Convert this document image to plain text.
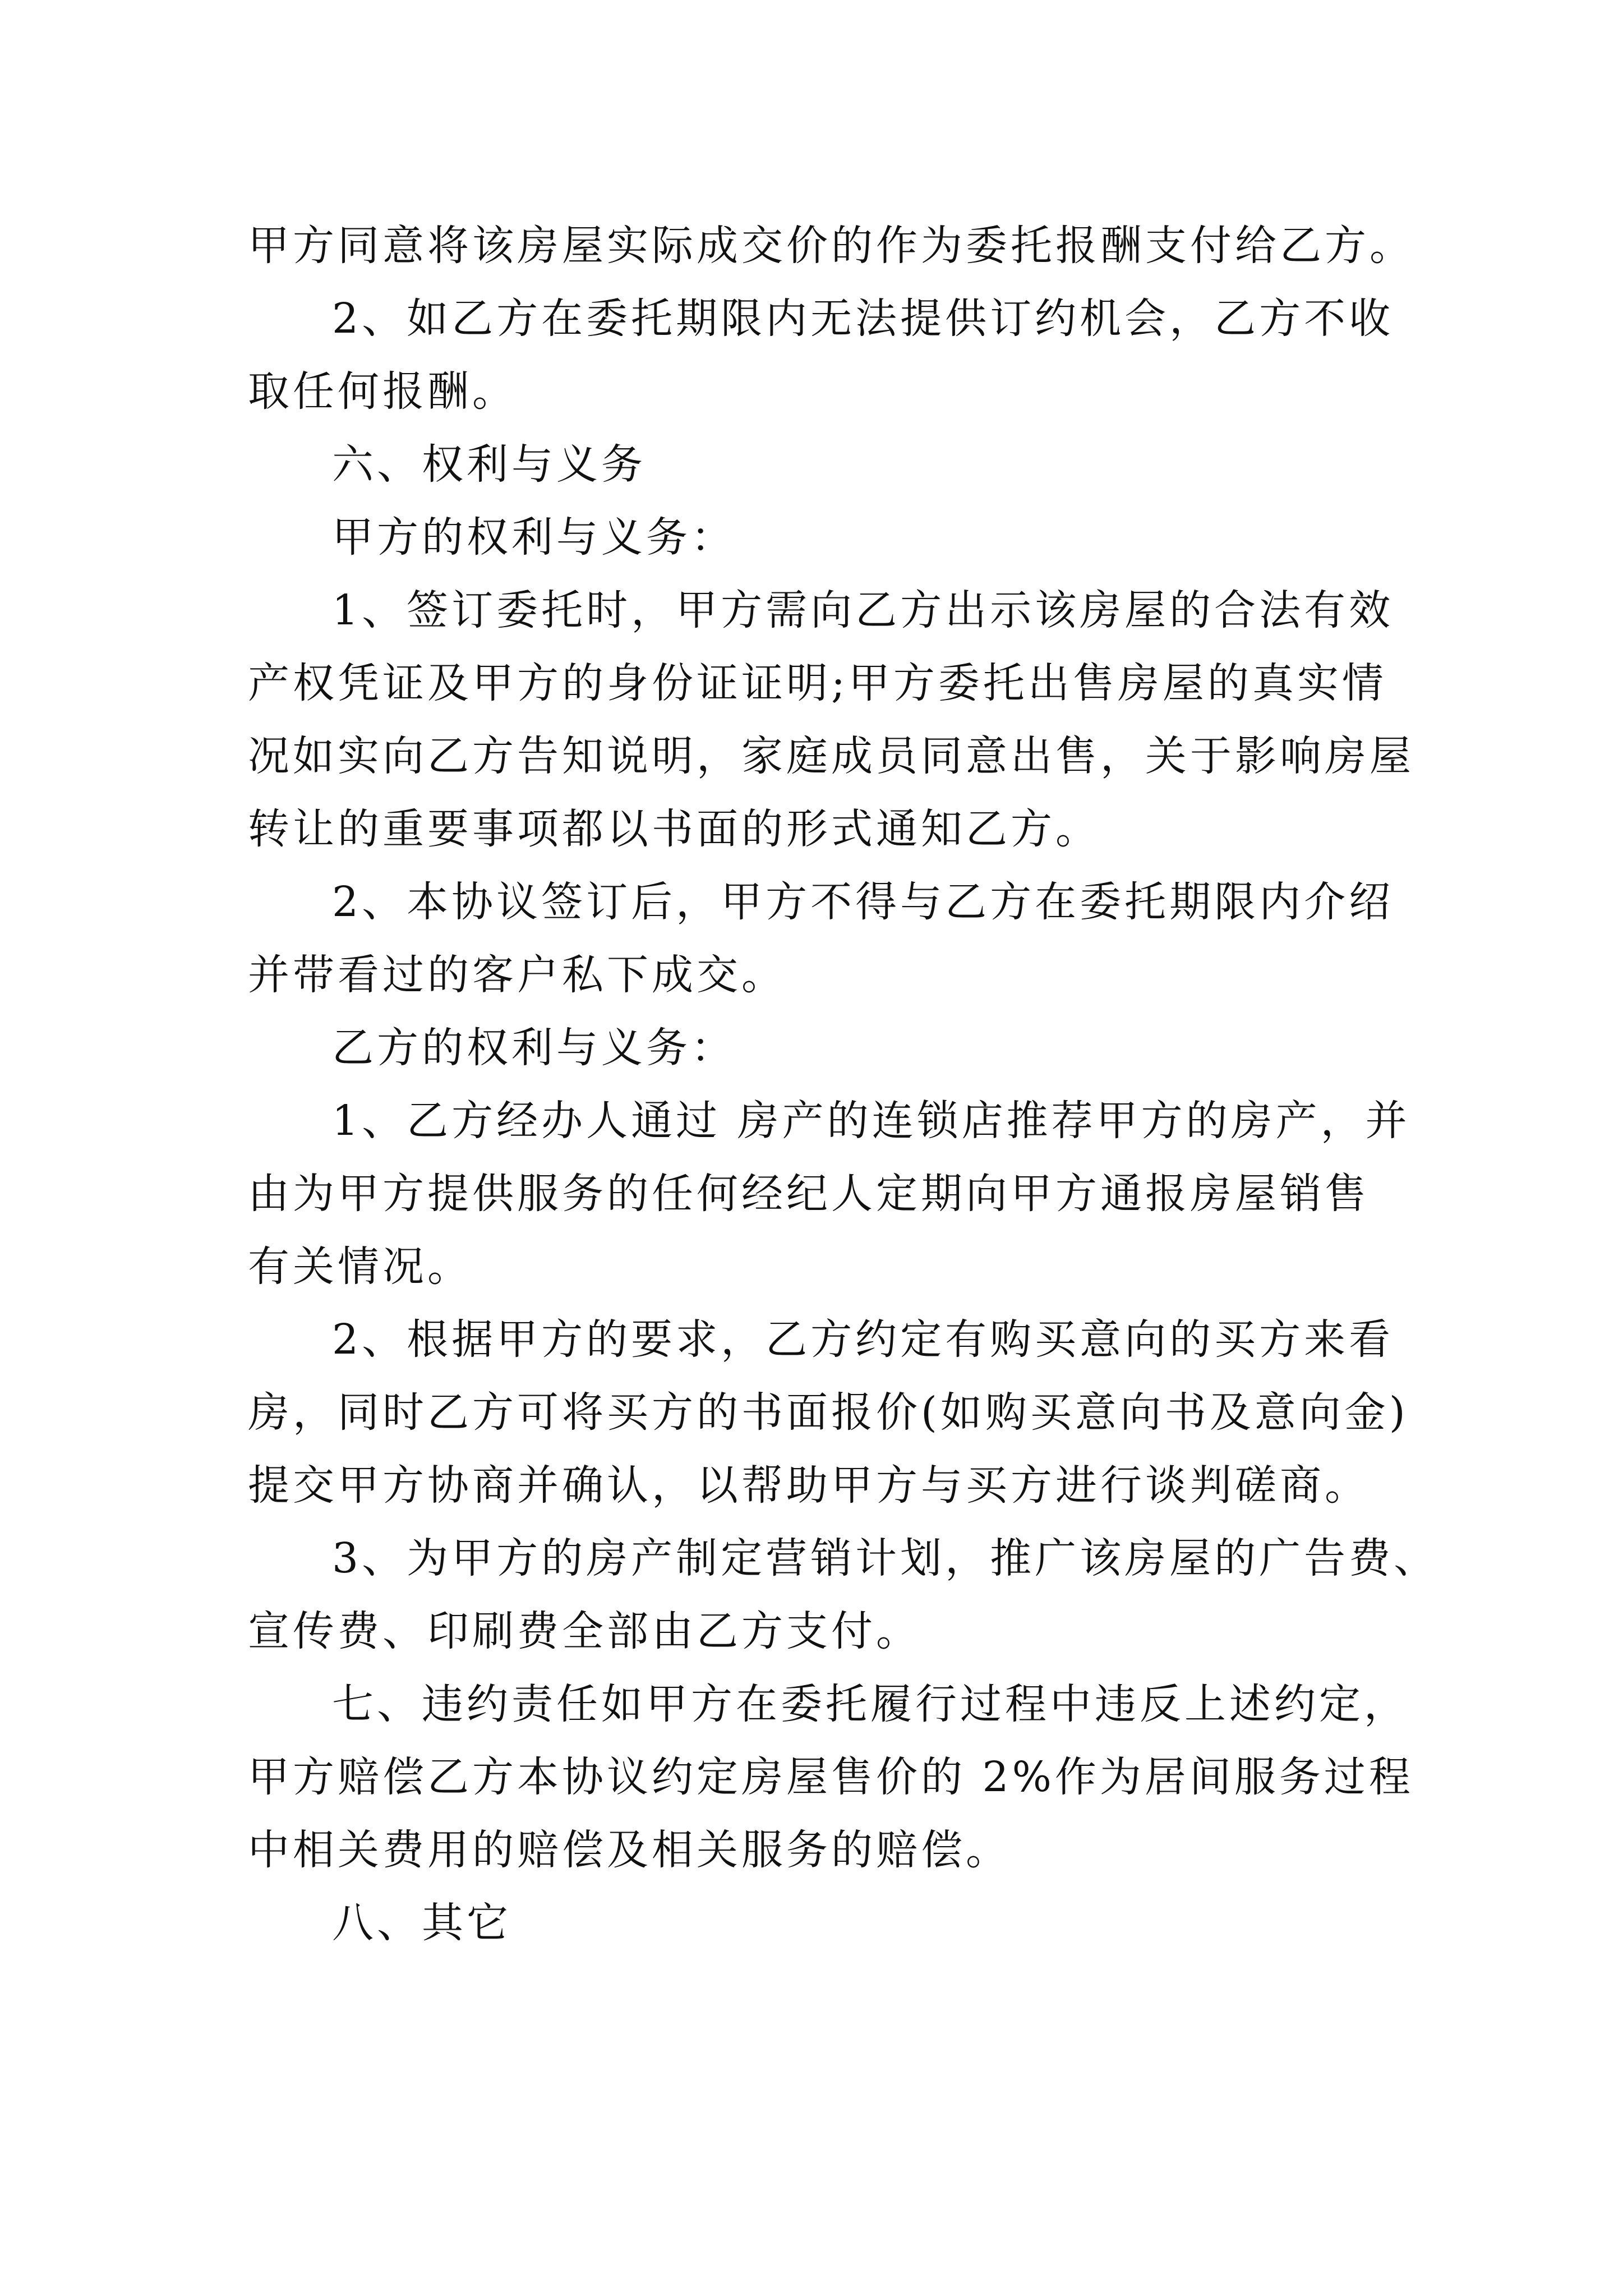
甲方同意将该房屋实际成交价的作为委托报酬支付给乙方。
2、如乙方在委托期限内无法提供订约机会，乙方不收
取任何报酬。
六、权利与义务
甲方的权利与义务：
1、签订委托时，甲方需向乙方出示该房屋的合法有效
产权凭证及甲方的身份证证明;甲方委托出售房屋的真实情
况如实向乙方告知说明，家庭成员同意出售，关于影响房屋
转让的重要事项都以书面的形式通知乙方。
2、本协议签订后，甲方不得与乙方在委托期限内介绍
并带看过的客户私下成交。
乙方的权利与义务：
1、乙方经办人通过 房产的连锁店推荐甲方的房产，并
由为甲方提供服务的任何经纪人定期向甲方通报房屋销售
有关情况。
2、根据甲方的要求，乙方约定有购买意向的买方来看
房，同时乙方可将买方的书面报价(如购买意向书及意向金)
提交甲方协商并确认，以帮助甲方与买方进行谈判磋商。
3、为甲方的房产制定营销计划，推广该房屋的广告费、
宣传费、印刷费全部由乙方支付。
七、违约责任如甲方在委托履行过程中违反上述约定，
甲方赔偿乙方本协议约定房屋售价的 2%作为居间服务过程
中相关费用的赔偿及相关服务的赔偿。
八、其它
